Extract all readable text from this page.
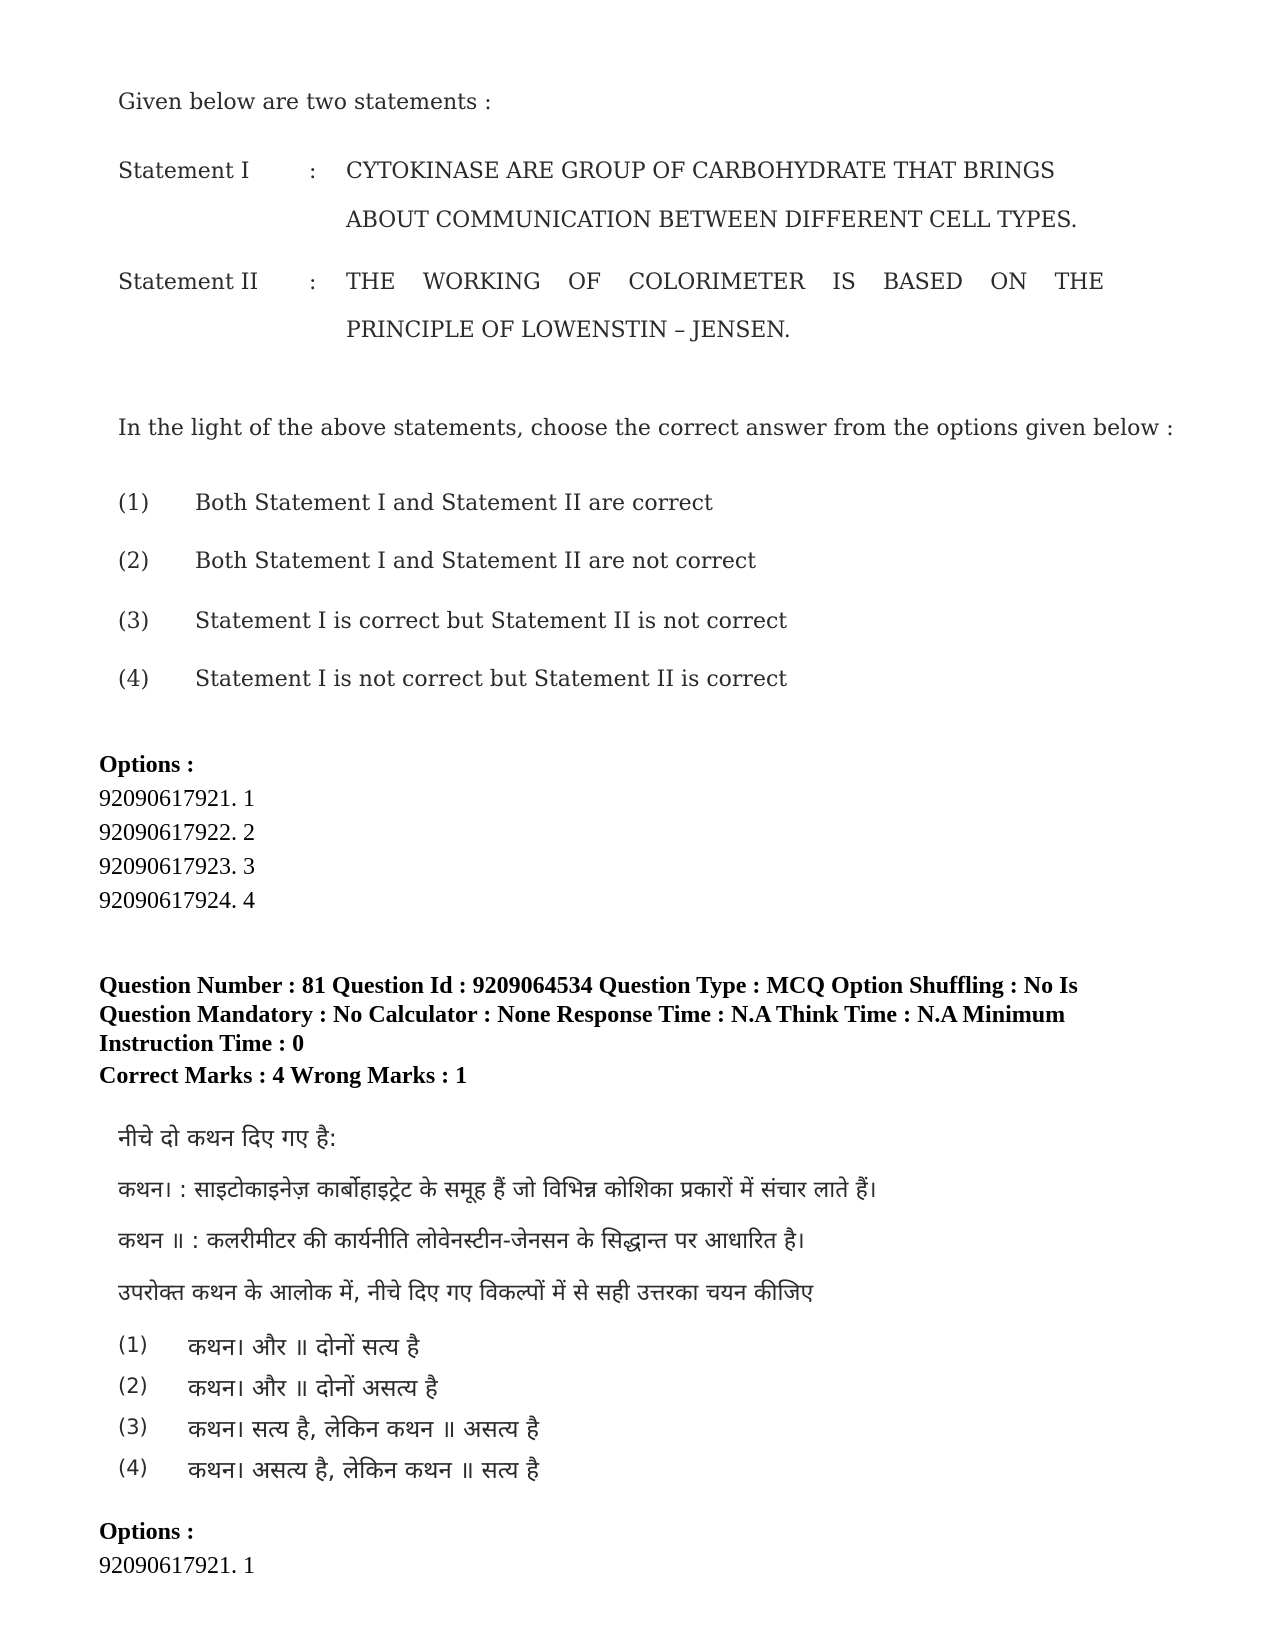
Given below are two statements :
Statement I	: CYTOKINASE ARE GROUP OF CARBOHYDRATE THAT BRINGS
ABOUT COMMUNICATION BETWEEN DIFFERENT CELL TYPES.
Statement II : THE WORKING OF COLORIMETER IS BASED ON THE
PRINCIPLE OF LOWENSTIN – JENSEN.
In the light of the above statements, choose the correct answer from the options given below :
(1) Both Statement I and Statement II are correct
(2) Both Statement I and Statement II are not correct
(3) Statement I is correct but Statement II is not correct
(4) Statement I is not correct but Statement II is correct
Options :
92090617921. 1
92090617922. 2
92090617923. 3
92090617924. 4
Question Number : 81 Question Id : 9209064534 Question Type : MCQ Option Shuffling : No Is Question Mandatory : No Calculator : None Response Time : N.A Think Time : N.A Minimum Instruction Time : 0
Correct Marks : 4 Wrong Marks : 1
नीचे दो कथन दिए गए है:
कथन। : साइटोकाइनेज़ कार्बोहाइट्रेट के समूह हैं जो विभिन्न कोशिका प्रकारों में संचार लाते हैं।
कथन ॥ : कलरीमीटर की कार्यनीति लोवेनस्टीन-जेनसन के सिद्धान्त पर आधारित है।
उपरोक्त कथन के आलोक में, नीचे दिए गए विकल्पों में से सही उत्तरका चयन कीजिए
(1) कथन। और ॥ दोनों सत्य है
(2) कथन। और ॥ दोनों असत्य है
(3) कथन। सत्य है, लेकिन कथन ॥ असत्य है
(4) कथन। असत्य है, लेकिन कथन ॥ सत्य है
Options :
92090617921. 1
